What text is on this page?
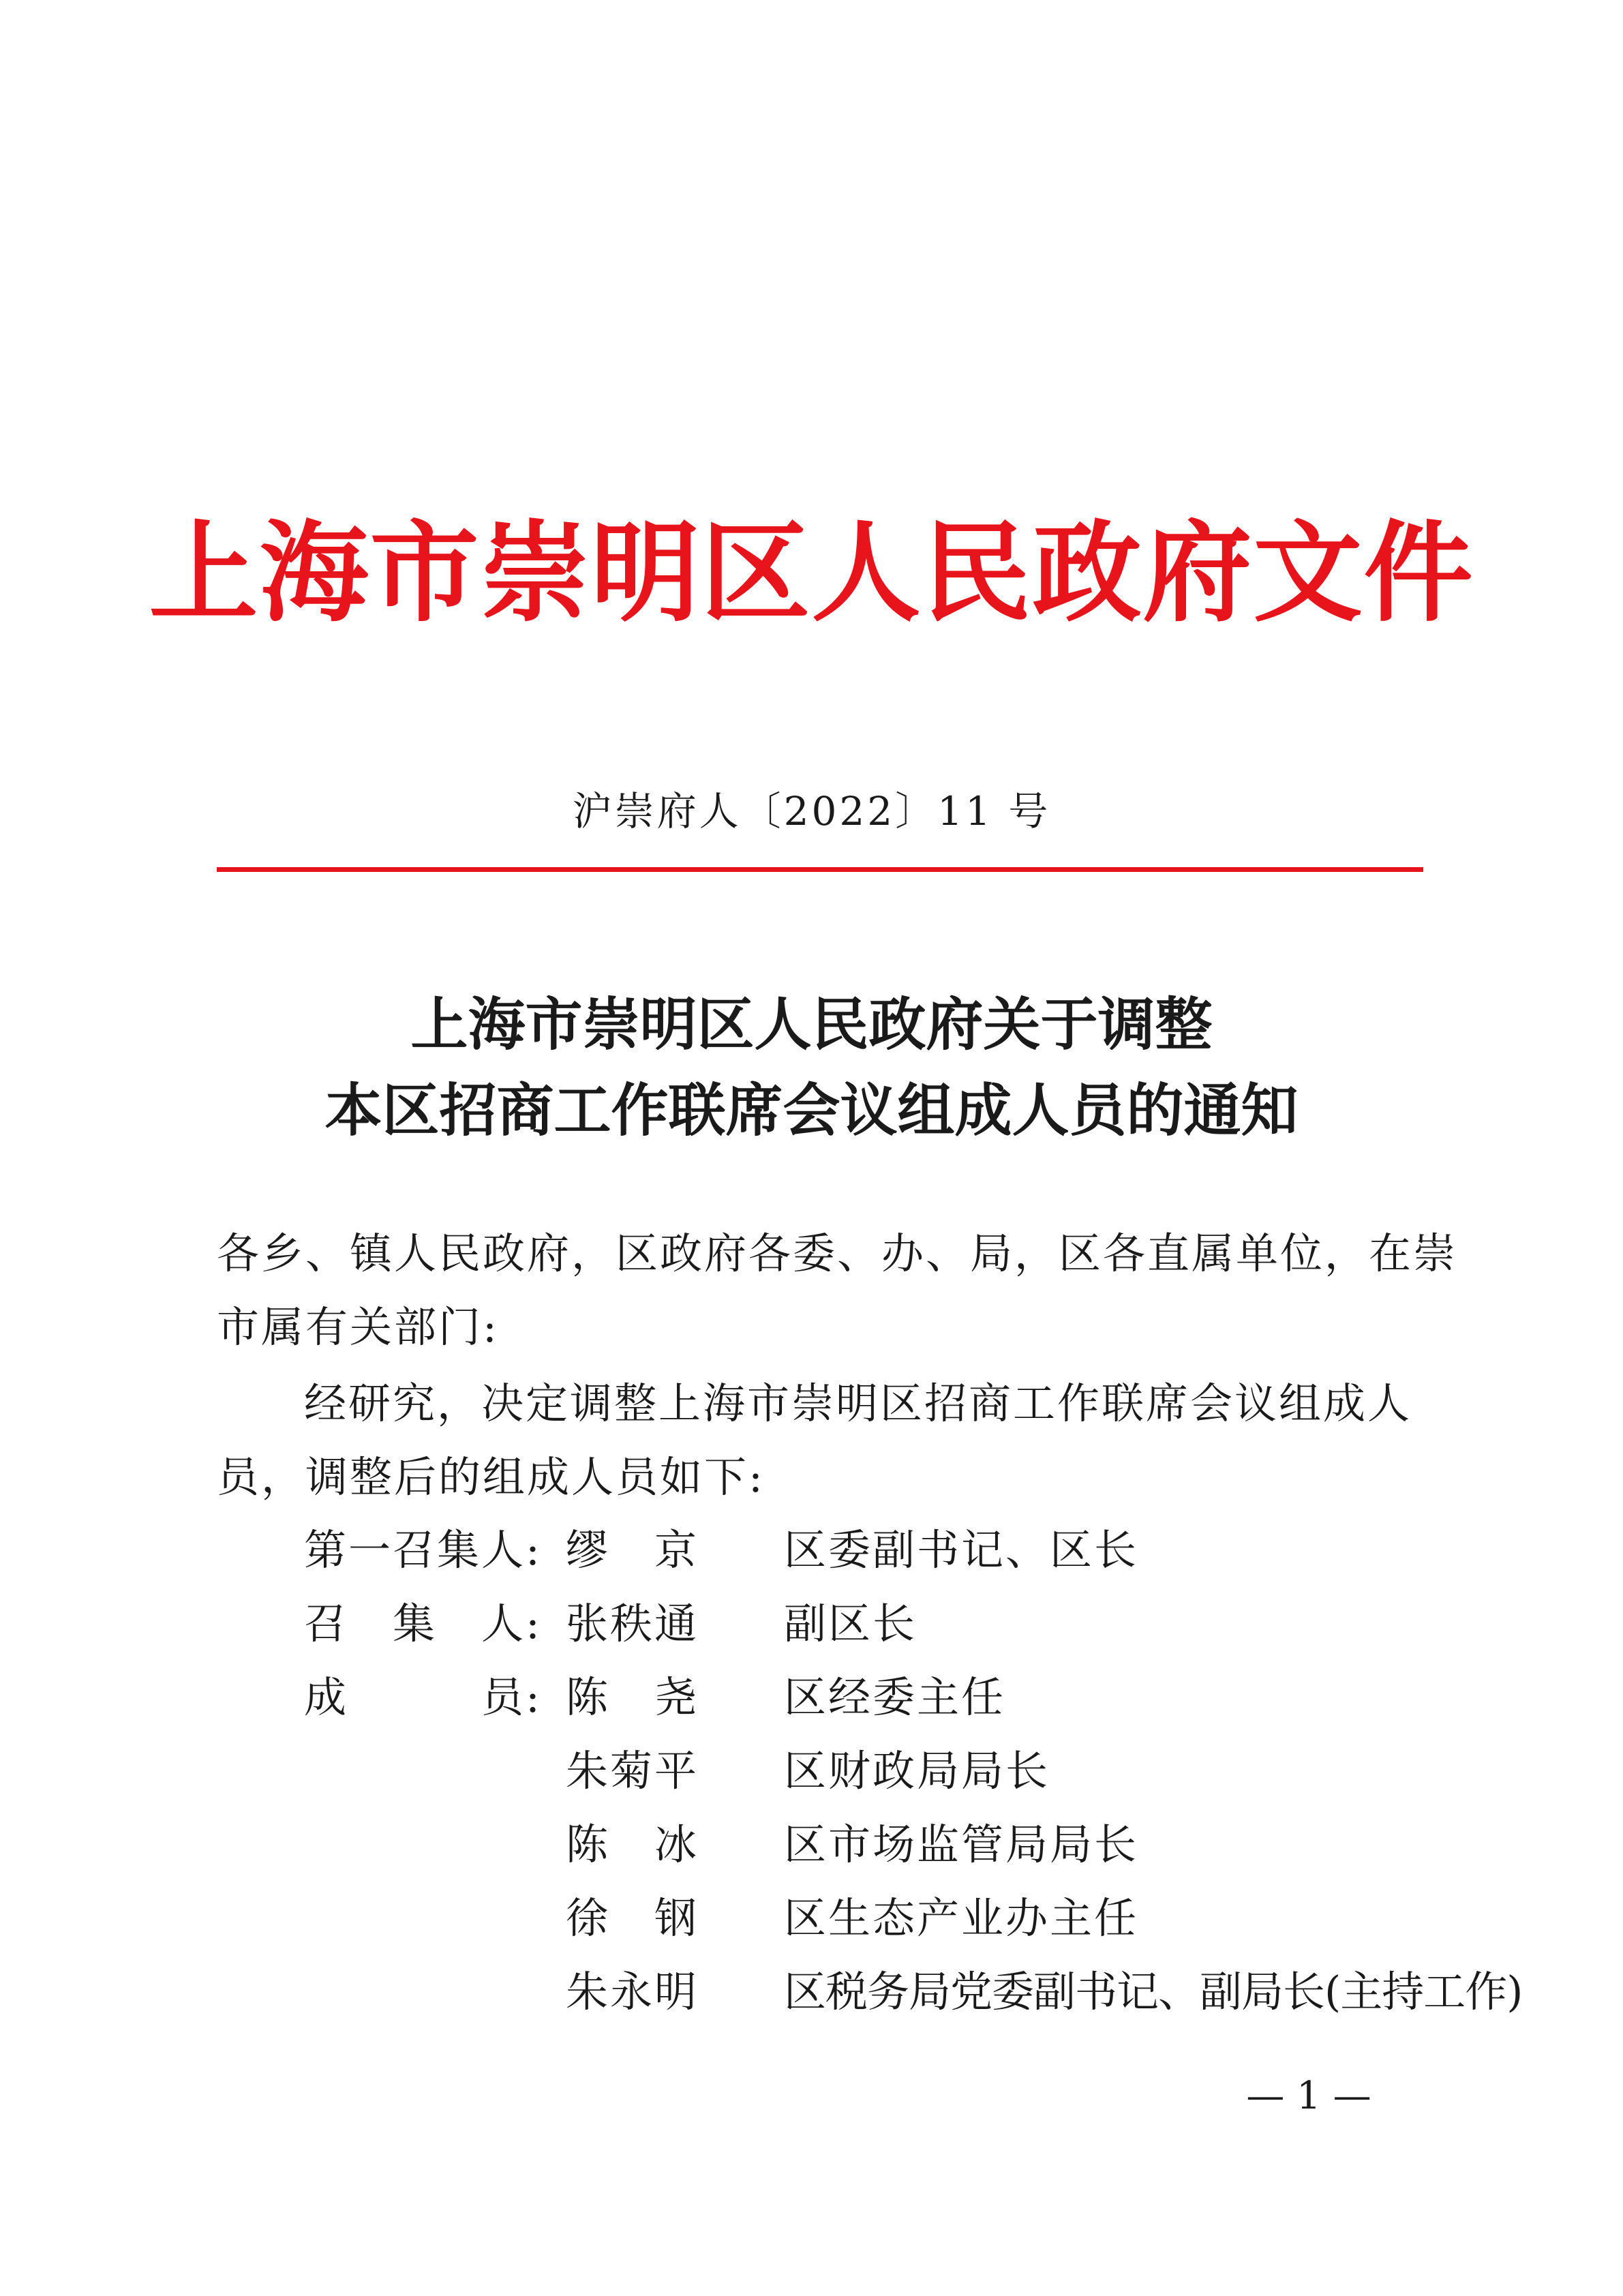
上海市崇明区人民政府文件
沪崇府人〔2022〕11 号
上海市崇明区人民政府关于调整
本区招商工作联席会议组成人员的通知
各乡、镇人民政府，区政府各委、办、局，区各直属单位，在崇
市属有关部门:
经研究，决定调整上海市崇明区招商工作联席会议组成人
员，调整后的组成人员如下:
第一召集人: 缪　京	区委副书记、区长
召　集　人: 张秩通	副区长
成　　　员: 陈　尧	区经委主任
朱菊平	区财政局局长
陈　冰	区市场监管局局长
徐　钢	区生态产业办主任
朱永明	区税务局党委副书记、副局长(主持工作)
— 1 —
